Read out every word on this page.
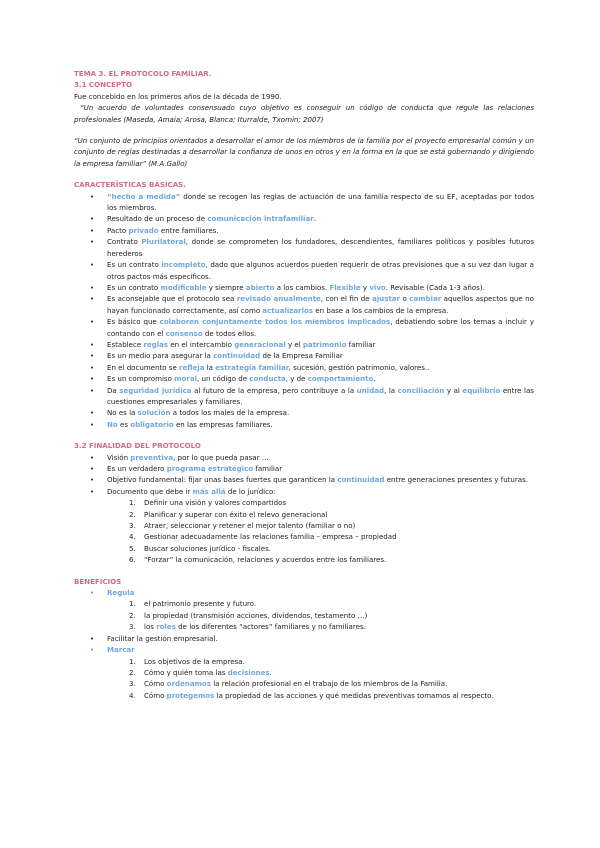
TEMA 3. EL PROTOCOLO FAMILIAR.
3.1 CONCEPTO
Fue concebido en los primeros años de la década de 1990.
“Un acuerdo de voluntades consensuado cuyo objetivo es conseguir un código de conducta que regule las relaciones profesionales (Maseda, Amaia; Arosa, Blanca; Iturralde, Txomin; 2007)
“Un conjunto de principios orientados a desarrollar el amor de los miembros de la familia por el proyecto empresarial común y un conjunto de reglas destinadas a desarrollar la confianza de unos en otros y en la forma en la que se está gobernando y dirigiendo la empresa familiar” (M.A.Gallo)
CARACTERÍSTICAS BÁSICAS.
• “hecho a medida” donde se recogen las reglas de actuación de una familia respecto de su EF, aceptadas por todos los miembros.
• Resultado de un proceso de comunicación intrafamiliar.
• Pacto privado entre familiares.
• Contrato Plurilateral, donde se comprometen los fundadores, descendientes, familiares políticos y posibles futuros herederos
• Es un contrato incompleto, dado que algunos acuerdos pueden requerir de otras previsiones que a su vez dan lugar a otros pactos más específicos.
• Es un contrato modificable y siempre abierto a los cambios. Flexible y vivo. Revisable (Cada 1-3 años).
• Es aconsejable que el protocolo sea revisado anualmente, con el fin de ajustar o cambiar aquellos aspectos que no hayan funcionado correctamente, así como actualizarlos en base a los cambios de la empresa.
• Es básico que colaboren conjuntamente todos los miembros implicados, debatiendo sobre los temas a incluir y contando con el consenso de todos ellos.
• Establece reglas en el intercambio generacional y el patrimonio familiar
• Es un medio para asegurar la continuidad de la Empresa Familiar
• En el documento se refleja la estrategia familiar, sucesión, gestión patrimonio, valores..
• Es un compromiso moral, un código de conducta, y de comportamiento.
• Da seguridad jurídica al futuro de la empresa, pero contribuye a la unidad, la conciliación y al equilibrio entre las cuestiones empresariales y familiares.
• No es la solución a todos los males de la empresa.
• No es obligatorio en las empresas familiares.
3.2 FINALIDAD DEL PROTOCOLO
• Visión preventiva, por lo que pueda pasar …
• Es un verdadero programa estratégico familiar
• Objetivo fundamental: fijar unas bases fuertes que garanticen la continuidad entre generaciones presentes y futuras.
• Documento que debe ir más allá de lo jurídico:
1. Definir una visión y valores compartidos
2. Planificar y superar con éxito el relevo generacional
3. Atraer, seleccionar y retener el mejor talento (familiar o no)
4. Gestionar adecuadamente las relaciones familia – empresa – propiedad
5. Buscar soluciones jurídico - fiscales.
6. “Forzar” la comunicación, relaciones y acuerdos entre los familiares.
BENEFICIOS
• Regula
1. el patrimonio presente y futuro.
2. la propiedad (transmisión acciones, dividendos, testamento …)
3. los roles de los diferentes “actores” familiares y no familiares.
• Facilitar la gestión empresarial.
• Marcar
1. Los objetivos de la empresa.
2. Cómo y quién toma las decisiones.
3. Cómo ordenamos la relación profesional en el trabajo de los miembros de la Familia.
4. Cómo protegemos la propiedad de las acciones y qué medidas preventivas tomamos al respecto.
